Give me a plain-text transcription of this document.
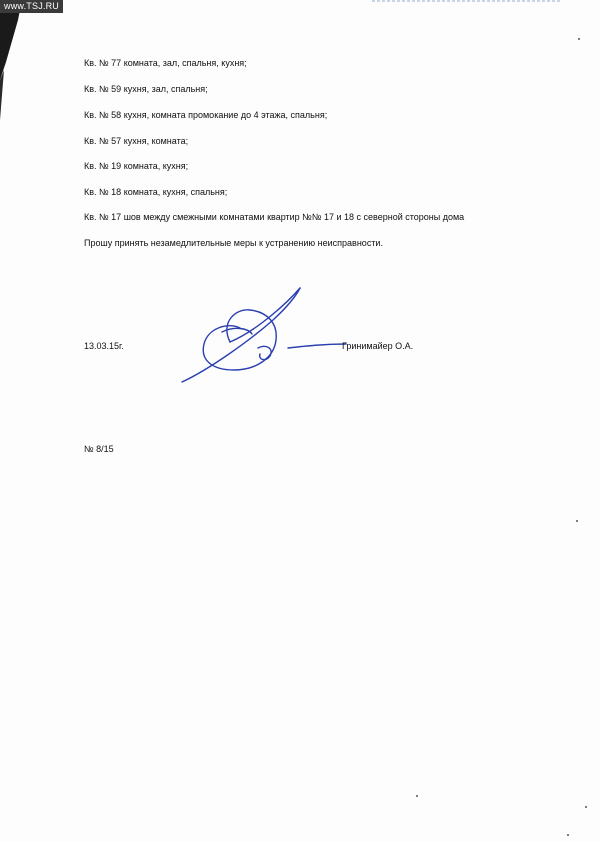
www.TSJ.RU
Кв. № 77 комната, зал, спальня, кухня;
Кв. № 59 кухня, зал, спальня;
Кв. № 58 кухня, комната промокание до 4 этажа, спальня;
Кв. № 57 кухня, комната;
Кв. № 19 комната, кухня;
Кв. № 18 комната, кухня, спальня;
Кв. № 17 шов между смежными комнатами квартир №№ 17 и 18 с северной стороны дома
Прошу принять незамедлительные меры к устранению неисправности.
13.03.15г.	Гринимайер О.А.
№ 8/15
